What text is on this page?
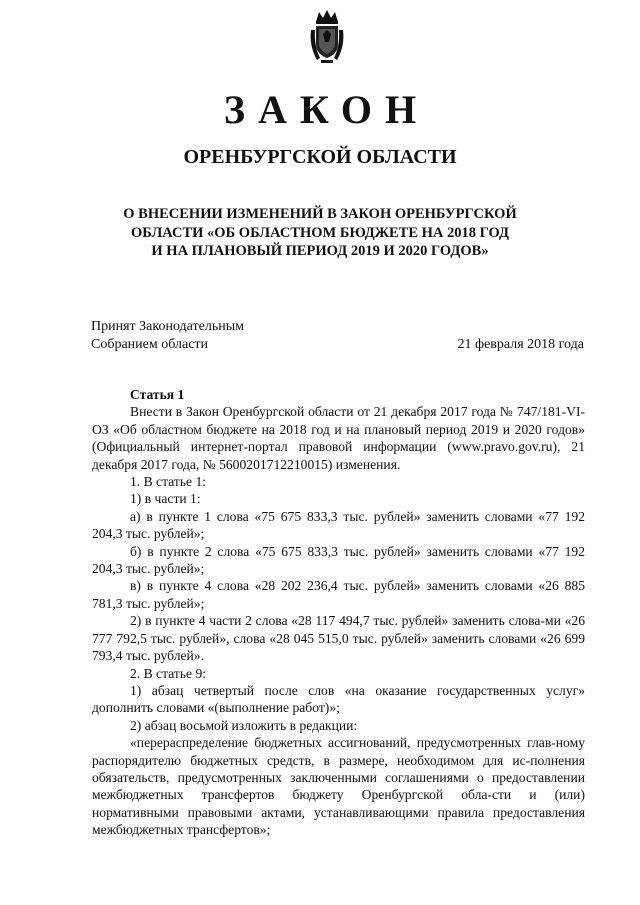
ЗАКОН
ОРЕНБУРГСКОЙ ОБЛАСТИ
О ВНЕСЕНИИ ИЗМЕНЕНИЙ В ЗАКОН ОРЕНБУРГСКОЙ
ОБЛАСТИ «ОБ ОБЛАСТНОМ БЮДЖЕТЕ НА 2018 ГОД
И НА ПЛАНОВЫЙ ПЕРИОД 2019 И 2020 ГОДОВ»
Принят Законодательным
Собранием области	21 февраля 2018 года

Статья 1

Внести в Закон Оренбургской области от 21 декабря 2017 года № 747/181-VI-ОЗ «Об областном бюджете на 2018 год и на плановый период 2019 и 2020 годов» (Официальный интернет-портал правовой информации (www.pravo.gov.ru), 21 декабря 2017 года, № 5600201712210015) изменения.

1. В статье 1:

1) в части 1:

а) в пункте 1 слова «75 675 833,3 тыс. рублей» заменить словами «77 192 204,3 тыс. рублей»;

б) в пункте 2 слова «75 675 833,3 тыс. рублей» заменить словами «77 192 204,3 тыс. рублей»;

в) в пункте 4 слова «28 202 236,4 тыс. рублей» заменить словами «26 885 781,3 тыс. рублей»;

2) в пункте 4 части 2 слова «28 117 494,7 тыс. рублей» заменить слова-ми «26 777 792,5 тыс. рублей», слова «28 045 515,0 тыс. рублей» заменить словами «26 699 793,4 тыс. рублей».

2. В статье 9:

1) абзац четвертый после слов «на оказание государственных услуг» дополнить словами «(выполнение работ)»;

2) абзац восьмой изложить в редакции:

«перераспределение бюджетных ассигнований, предусмотренных глав-ному распорядителю бюджетных средств, в размере, необходимом для ис-полнения обязательств, предусмотренных заключенными соглашениями о предоставлении межбюджетных трансфертов бюджету Оренбургской обла-сти и (или) нормативными правовыми актами, устанавливающими правила предоставления межбюджетных трансфертов»;
